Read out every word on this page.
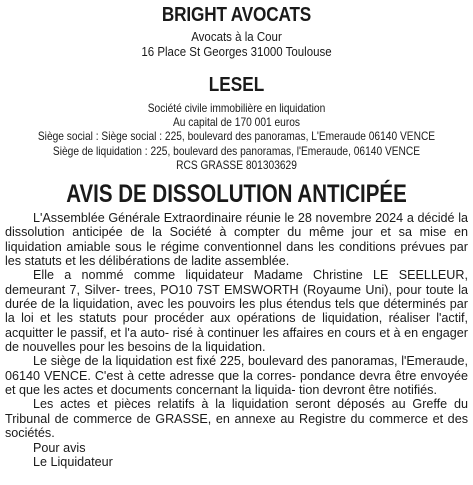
BRIGHT AVOCATS
Avocats à la Cour
16 Place St Georges 31000 Toulouse
LESEL
Société civile immobilière en liquidation
Au capital de 170 001 euros
Siège social : Siège social : 225, boulevard des panoramas, L'Emeraude 06140 VENCE
Siège de liquidation : 225, boulevard des panoramas, l'Emeraude, 06140 VENCE
RCS GRASSE 801303629
AVIS DE DISSOLUTION ANTICIPÉE

L'Assemblée Générale Extraordinaire réunie le 28 novembre 2024 a décidé la dissolution anticipée de la Société à compter du même jour et sa mise en liquidation amiable sous le régime conventionnel dans les conditions prévues par les statuts et les délibérations de ladite assemblée.

Elle a nommé comme liquidateur Madame Christine LE SEELLEUR, demeurant 7, Silver- trees, PO10 7ST EMSWORTH (Royaume Uni), pour toute la durée de la liquidation, avec les pouvoirs les plus étendus tels que déterminés par la loi et les statuts pour procéder aux opérations de liquidation, réaliser l'actif, acquitter le passif, et l'a auto- risé à continuer les affaires en cours et à en engager de nouvelles pour les besoins de la liquidation.

Le siège de la liquidation est fixé 225, boulevard des panoramas, l'Emeraude, 06140 VENCE. C'est à cette adresse que la corres- pondance devra être envoyée et que les actes et documents concernant la liquida- tion devront être notifiés.

Les actes et pièces relatifs à la liquidation seront déposés au Greffe du Tribunal de commerce de GRASSE, en annexe au Registre du commerce et des sociétés.

Pour avis
Le Liquidateur
